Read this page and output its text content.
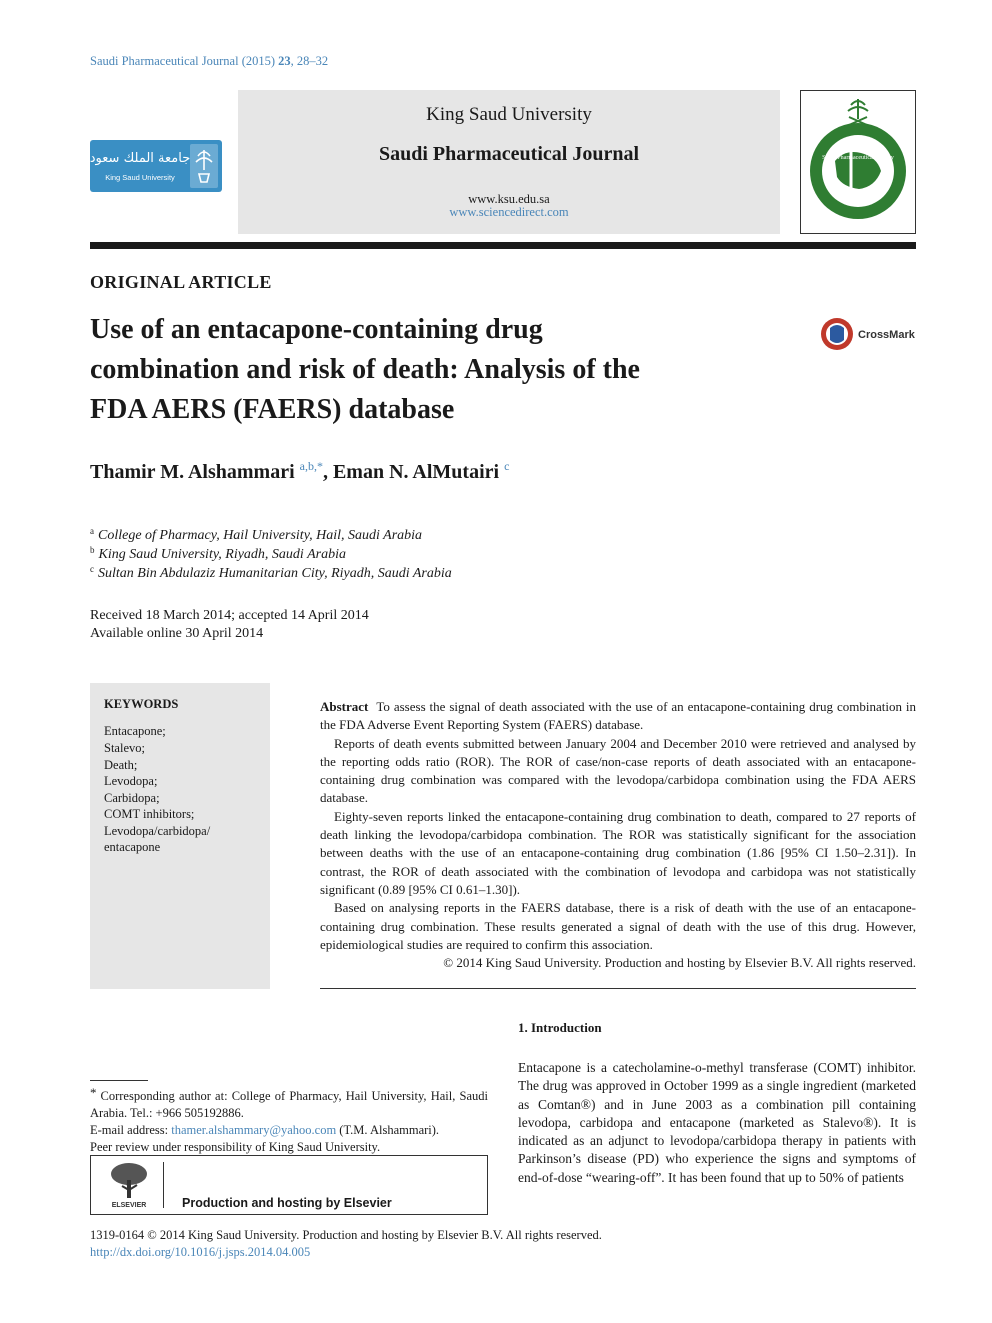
Saudi Pharmaceutical Journal (2015) 23, 28–32
جامعة الملك سعود
King Saud University
King Saud University
Saudi Pharmaceutical Journal
www.ksu.edu.sa
www.sciencedirect.com
Saudi Pharmaceutical Society
ORIGINAL ARTICLE
Use of an entacapone-containing drug combination and risk of death: Analysis of the FDA AERS (FAERS) database
CrossMark
Thamir M. Alshammari $^{a,b,*}$, Eman N. AlMutairi $^c$
$^a$ College of Pharmacy, Hail University, Hail, Saudi Arabia
$^b$ King Saud University, Riyadh, Saudi Arabia
$^c$ Sultan Bin Abdulaziz Humanitarian City, Riyadh, Saudi Arabia
Received 18 March 2014; accepted 14 April 2014
Available online 30 April 2014
KEYWORDS
Entacapone;
Stalevo;
Death;
Levodopa;
Carbidopa;
COMT inhibitors;
Levodopa/carbidopa/
entacapone

Abstract To assess the signal of death associated with the use of an entacapone-containing drug combination in the FDA Adverse Event Reporting System (FAERS) database.

Reports of death events submitted between January 2004 and December 2010 were retrieved and analysed by the reporting odds ratio (ROR). The ROR of case/non-case reports of death associated with an entacapone-containing drug combination was compared with the levodopa/carbidopa combination using the FDA AERS database.

Eighty-seven reports linked the entacapone-containing drug combination to death, compared to 27 reports of death linking the levodopa/carbidopa combination. The ROR was statistically significant for the association between deaths with the use of an entacapone-containing drug combination (1.86 [95% CI 1.50–2.31]). In contrast, the ROR of death associated with the combination of levodopa and carbidopa was not statistically significant (0.89 [95% CI 0.61–1.30]).

Based on analysing reports in the FAERS database, there is a risk of death with the use of an entacapone-containing drug combination. These results generated a signal of death with the use of this drug. However, epidemiological studies are required to confirm this association.

© 2014 King Saud University. Production and hosting by Elsevier B.V. All rights reserved.

1. Introduction
Entacapone is a catecholamine-o-methyl transferase (COMT) inhibitor. The drug was approved in October 1999 as a single ingredient (marketed as Comtan®) and in June 2003 as a combination pill containing levodopa, carbidopa and entacapone (marketed as Stalevo®). It is indicated as an adjunct to levodopa/carbidopa therapy in patients with Parkinson’s disease (PD) who experience the signs and symptoms of end-of-dose “wearing-off”. It has been found that up to 50% of patients
* Corresponding author at: College of Pharmacy, Hail University, Hail, Saudi Arabia. Tel.: +966 505192886.
E-mail address: thamer.alshammary@yahoo.com (T.M. Alshammari).
Peer review under responsibility of King Saud University.
ELSEVIER	Production and hosting by Elsevier
1319-0164 © 2014 King Saud University. Production and hosting by Elsevier B.V. All rights reserved.
http://dx.doi.org/10.1016/j.jsps.2014.04.005
